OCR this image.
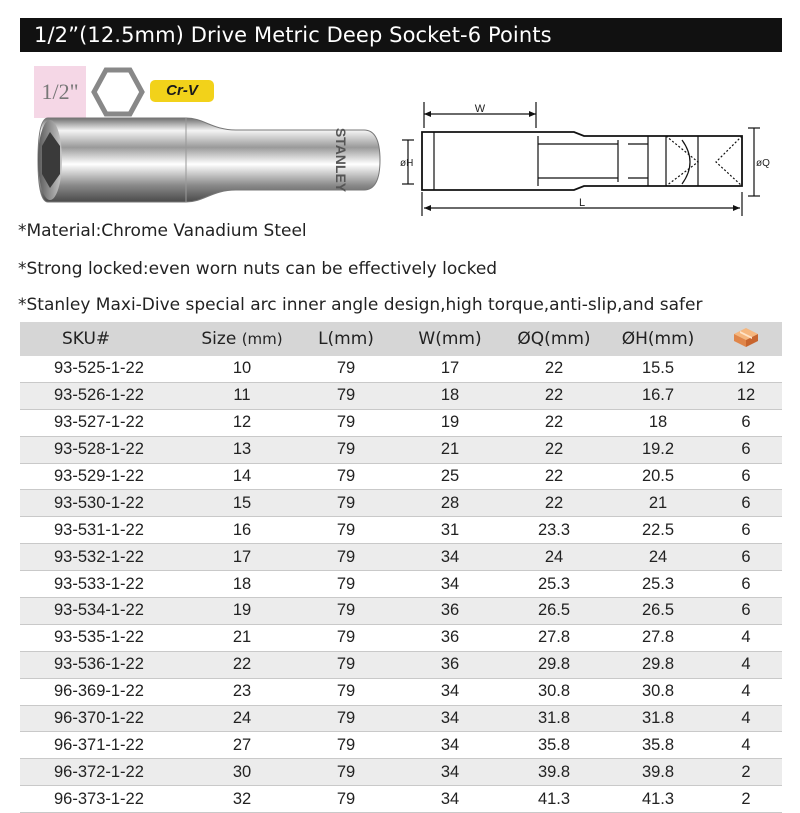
1/2”(12.5mm) Drive Metric Deep Socket-6 Points
1/2"	Cr-V
STANLEY
W
L
øH	øQ
*Material:Chrome Vanadium Steel
*Strong locked:even worn nuts can be effectively locked
*Stanley Maxi-Dive special arc inner angle design,high torque,anti-slip,and safer
SKU#	Size (mm)	L(mm)	W(mm)	ØQ(mm)	ØH(mm)	
93-525-1-22	10	79	17	22	15.5	12
93-526-1-22	11	79	18	22	16.7	12
93-527-1-22	12	79	19	22	18	6
93-528-1-22	13	79	21	22	19.2	6
93-529-1-22	14	79	25	22	20.5	6
93-530-1-22	15	79	28	22	21	6
93-531-1-22	16	79	31	23.3	22.5	6
93-532-1-22	17	79	34	24	24	6
93-533-1-22	18	79	34	25.3	25.3	6
93-534-1-22	19	79	36	26.5	26.5	6
93-535-1-22	21	79	36	27.8	27.8	4
93-536-1-22	22	79	36	29.8	29.8	4
96-369-1-22	23	79	34	30.8	30.8	4
96-370-1-22	24	79	34	31.8	31.8	4
96-371-1-22	27	79	34	35.8	35.8	4
96-372-1-22	30	79	34	39.8	39.8	2
96-373-1-22	32	79	34	41.3	41.3	2
